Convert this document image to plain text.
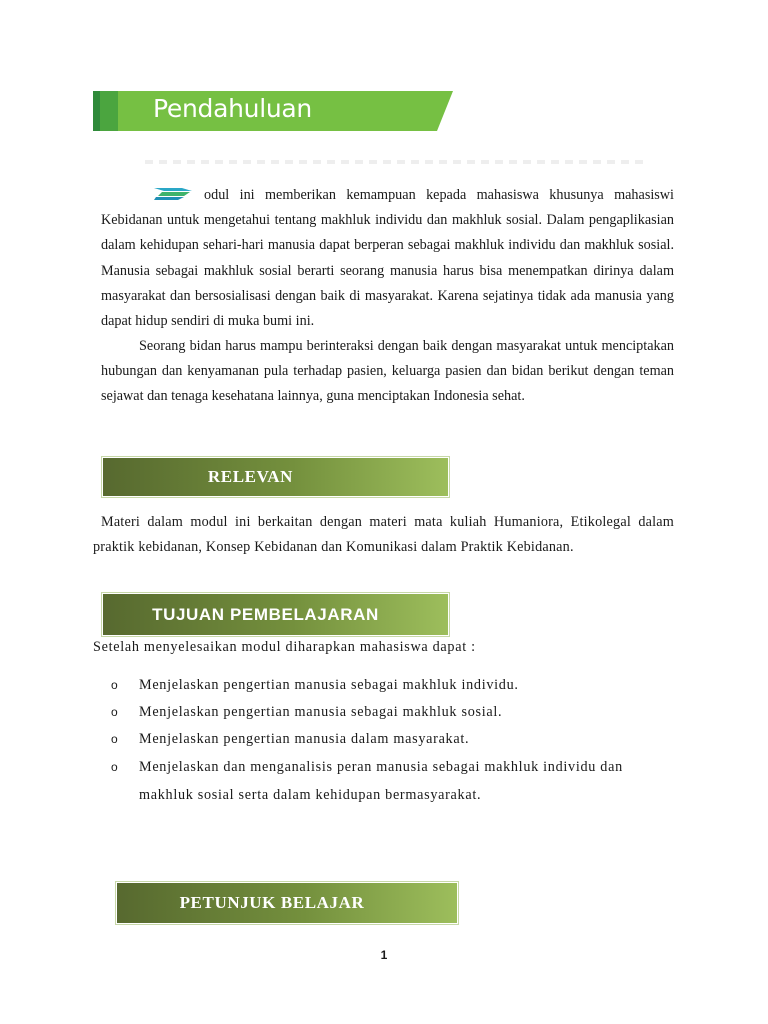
Pendahuluan

odul ini memberikan kemampuan kepada mahasiswa khusunya mahasiswi Kebidanan untuk mengetahui tentang makhluk individu dan makhluk sosial. Dalam pengaplikasian dalam kehidupan sehari-hari manusia dapat berperan sebagai makhluk individu dan makhluk sosial. Manusia sebagai makhluk sosial berarti seorang manusia harus bisa menempatkan dirinya dalam masyarakat dan bersosialisasi dengan baik di masyarakat. Karena sejatinya tidak ada manusia yang dapat hidup sendiri di muka bumi ini.

Seorang bidan harus mampu berinteraksi dengan baik dengan masyarakat untuk menciptakan hubungan dan kenyamanan pula terhadap pasien, keluarga pasien dan bidan berikut dengan teman sejawat dan tenaga kesehatana lainnya, guna menciptakan Indonesia sehat.

RELEVAN

Materi dalam modul ini berkaitan dengan materi mata kuliah Humaniora, Etikolegal dalam praktik kebidanan, Konsep Kebidanan dan Komunikasi dalam Praktik Kebidanan.

TUJUAN PEMBELAJARAN
Setelah menyelesaikan modul diharapkan mahasiswa dapat :
o Menjelaskan pengertian manusia sebagai makhluk individu.
o Menjelaskan pengertian manusia sebagai makhluk sosial.
o Menjelaskan pengertian manusia dalam masyarakat.
o Menjelaskan dan menganalisis peran manusia sebagai makhluk individu dan makhluk sosial serta dalam kehidupan bermasyarakat.
PETUNJUK BELAJAR
1
